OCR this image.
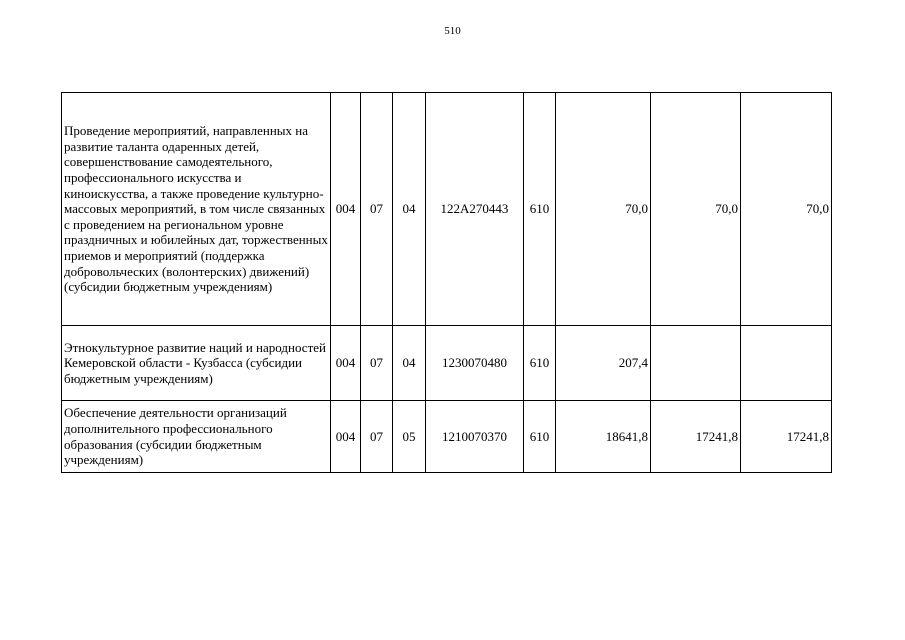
510
Проведение мероприятий, направленных на развитие таланта одаренных детей, совершенствование самодеятельного, профессионального искусства и киноискусства, а также проведение культурно-массовых мероприятий, в том числе связанных с проведением на региональном уровне праздничных и юбилейных дат, торжественных приемов и мероприятий (поддержка добровольческих (волонтерских) движений) (субсидии бюджетным учреждениям)	004	07	04	122A270443	610	70,0	70,0	70,0
Этнокультурное развитие наций и народностей Кемеровской области - Кузбасса (субсидии бюджетным учреждениям)	004	07	04	1230070480	610	207,4		
Обеспечение деятельности организаций дополнительного профессионального образования (субсидии бюджетным учреждениям)	004	07	05	1210070370	610	18641,8	17241,8	17241,8
